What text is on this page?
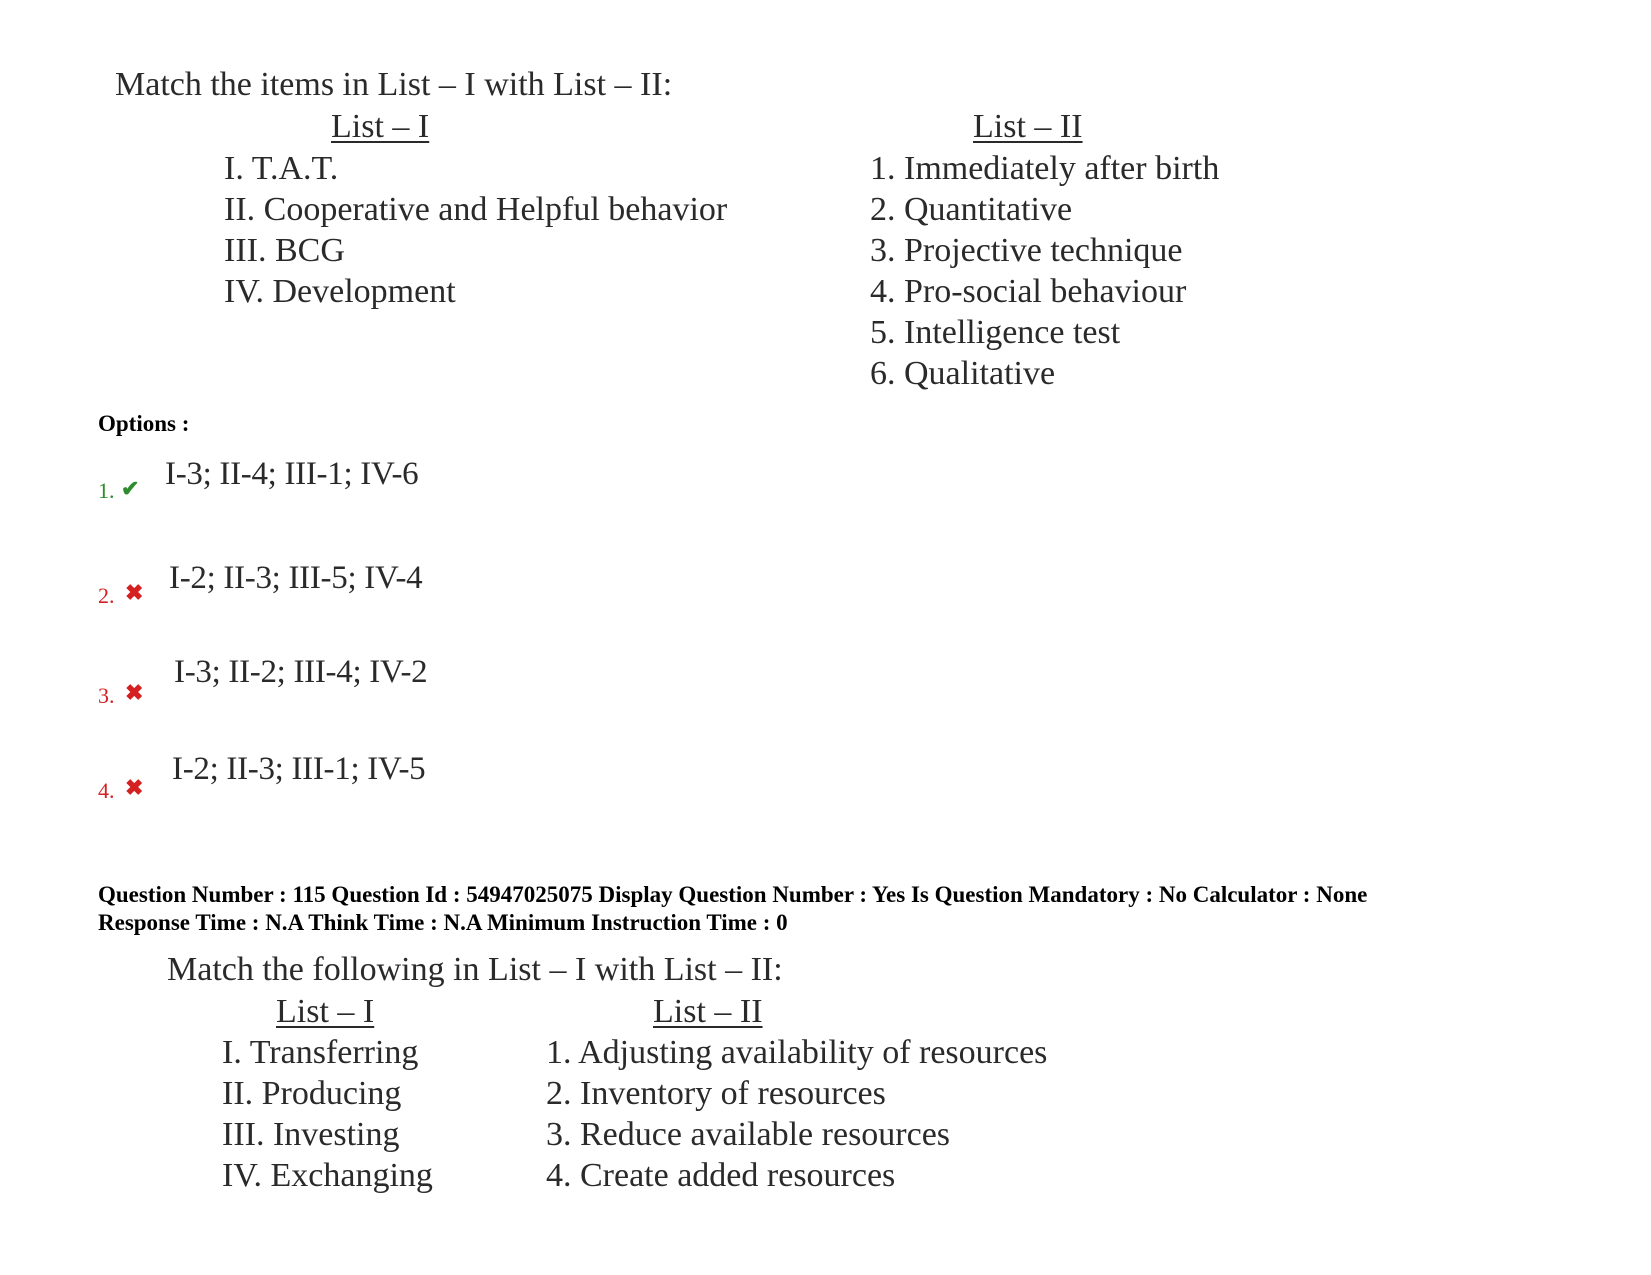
Match the items in List – I with List – II:
List – I	List – II
I. T.A.T.
II. Cooperative and Helpful behavior
III. BCG
IV. Development
1. Immediately after birth
2. Quantitative
3. Projective technique
4. Pro-social behaviour
5. Intelligence test
6. Qualitative
Options :
1. ✔ I-3; II-4; III-1; IV-6
2. ✖ I-2; II-3; III-5; IV-4
3. ✖
I-3; II-2; III-4; IV-2
4. ✖
I-2; II-3; III-1; IV-5
Question Number : 115 Question Id : 54947025075 Display Question Number : Yes Is Question Mandatory : No Calculator : None
Response Time : N.A Think Time : N.A Minimum Instruction Time : 0
Match the following in List – I with List – II:
List – I	List – II
I. Transferring
II. Producing
III. Investing
IV. Exchanging
1. Adjusting availability of resources
2. Inventory of resources
3. Reduce available resources
4. Create added resources
